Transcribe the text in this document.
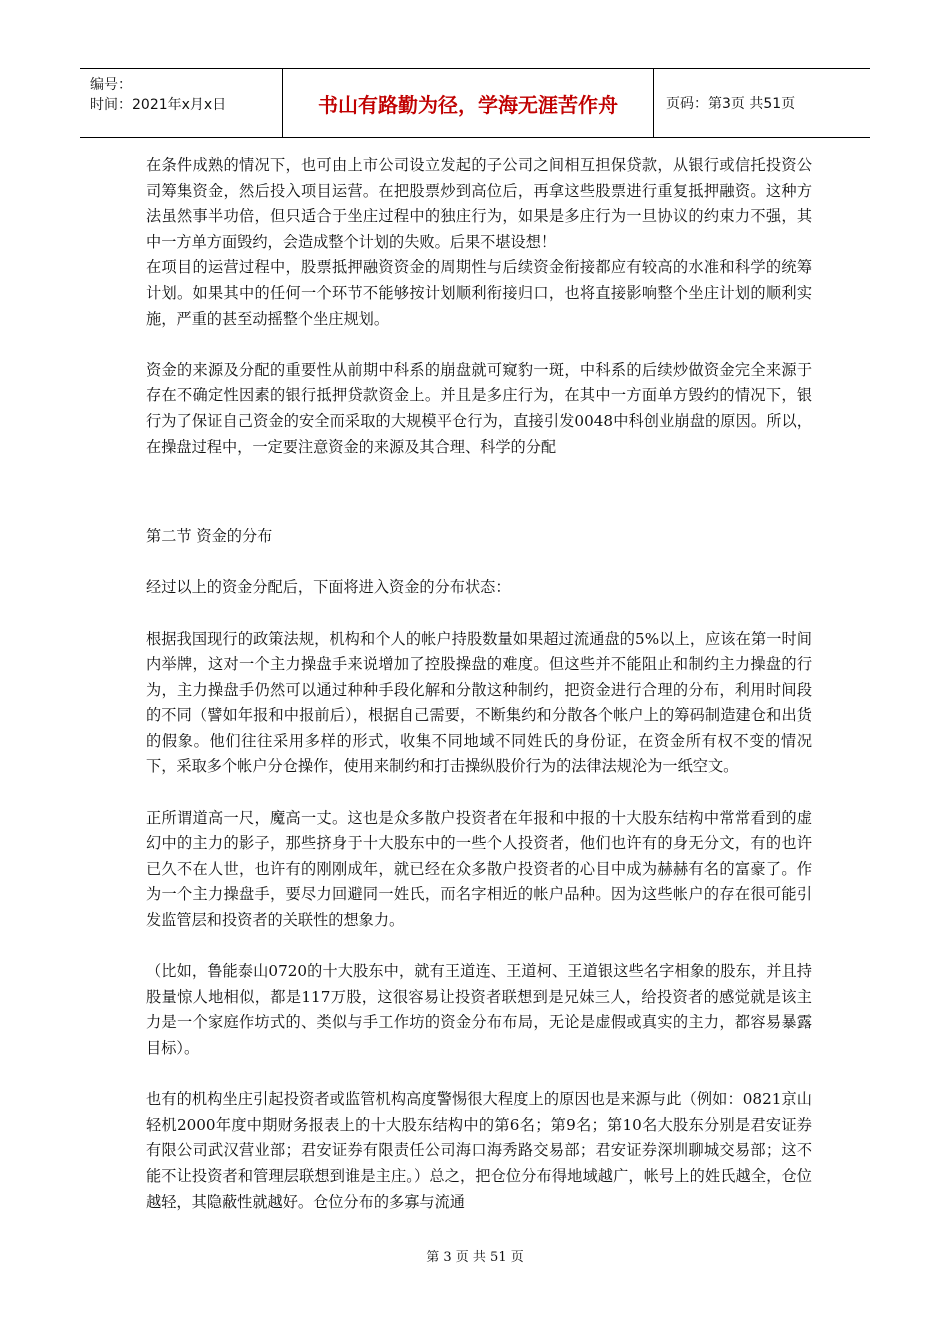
编号：
时间：2021年x月x日	书山有路勤为径，学海无涯苦作舟	页码：第3页 共51页

在条件成熟的情况下，也可由上市公司设立发起的子公司之间相互担保贷款，从银行或信托投资公司筹集资金，然后投入项目运营。在把股票炒到高位后，再拿这些股票进行重复抵押融资。这种方法虽然事半功倍，但只适合于坐庄过程中的独庄行为，如果是多庄行为一旦协议的约束力不强，其中一方单方面毁约，会造成整个计划的失败。后果不堪设想！

在项目的运营过程中，股票抵押融资资金的周期性与后续资金衔接都应有较高的水准和科学的统筹计划。如果其中的任何一个环节不能够按计划顺利衔接归口，也将直接影响整个坐庄计划的顺利实施，严重的甚至动摇整个坐庄规划。

资金的来源及分配的重要性从前期中科系的崩盘就可窥豹一斑，中科系的后续炒做资金完全来源于存在不确定性因素的银行抵押贷款资金上。并且是多庄行为，在其中一方面单方毁约的情况下，银行为了保证自己资金的安全而采取的大规模平仓行为，直接引发0048中科创业崩盘的原因。所以，在操盘过程中，一定要注意资金的来源及其合理、科学的分配

第二节 资金的分布

经过以上的资金分配后，下面将进入资金的分布状态：

根据我国现行的政策法规，机构和个人的帐户持股数量如果超过流通盘的5%以上，应该在第一时间内举牌，这对一个主力操盘手来说增加了控股操盘的难度。但这些并不能阻止和制约主力操盘的行为，主力操盘手仍然可以通过种种手段化解和分散这种制约，把资金进行合理的分布，利用时间段的不同（譬如年报和中报前后），根据自己需要，不断集约和分散各个帐户上的筹码制造建仓和出货的假象。他们往往采用多样的形式，收集不同地域不同姓氏的身份证，在资金所有权不变的情况下，采取多个帐户分仓操作，使用来制约和打击操纵股价行为的法律法规沦为一纸空文。

正所谓道高一尺，魔高一丈。这也是众多散户投资者在年报和中报的十大股东结构中常常看到的虚幻中的主力的影子，那些挤身于十大股东中的一些个人投资者，他们也许有的身无分文，有的也许已久不在人世，也许有的刚刚成年，就已经在众多散户投资者的心目中成为赫赫有名的富豪了。作为一个主力操盘手，要尽力回避同一姓氏，而名字相近的帐户品种。因为这些帐户的存在很可能引发监管层和投资者的关联性的想象力。

（比如，鲁能泰山0720的十大股东中，就有王道连、王道柯、王道银这些名字相象的股东，并且持股量惊人地相似，都是117万股，这很容易让投资者联想到是兄妹三人，给投资者的感觉就是该主力是一个家庭作坊式的、类似与手工作坊的资金分布布局，无论是虚假或真实的主力，都容易暴露目标）。

也有的机构坐庄引起投资者或监管机构高度警惕很大程度上的原因也是来源与此（例如：0821京山轻机2000年度中期财务报表上的十大股东结构中的第6名；第9名；第10名大股东分别是君安证券有限公司武汉营业部；君安证券有限责任公司海口海秀路交易部；君安证券深圳聊城交易部；这不能不让投资者和管理层联想到谁是主庄。）总之，把仓位分布得地域越广，帐号上的姓氏越全，仓位越轻，其隐蔽性就越好。仓位分布的多寡与流通

第 3 页 共 51 页
